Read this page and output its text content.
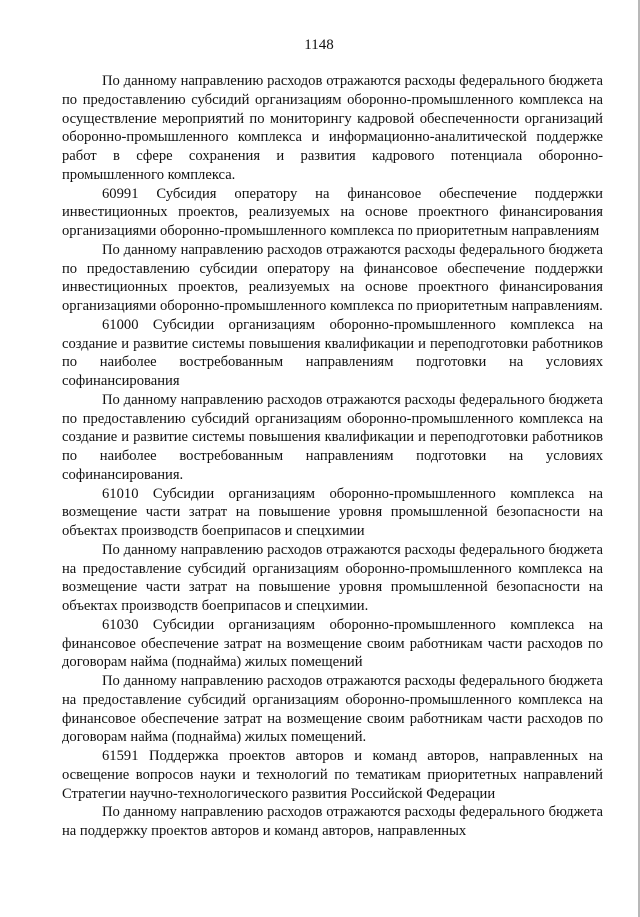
1148

По данному направлению расходов отражаются расходы федерального бюджета по предоставлению субсидий организациям оборонно-промышленного комплекса на осуществление мероприятий по мониторингу кадровой обеспеченности организаций оборонно-промышленного комплекса и информационно-аналитической поддержке работ в сфере сохранения и развития кадрового потенциала оборонно-промышленного комплекса.

60991 Субсидия оператору на финансовое обеспечение поддержки инвестиционных проектов, реализуемых на основе проектного финансирования организациями оборонно-промышленного комплекса по приоритетным направлениям

По данному направлению расходов отражаются расходы федерального бюджета по предоставлению субсидии оператору на финансовое обеспечение поддержки инвестиционных проектов, реализуемых на основе проектного финансирования организациями оборонно-промышленного комплекса по приоритетным направлениям.

61000 Субсидии организациям оборонно-промышленного комплекса на создание и развитие системы повышения квалификации и переподготовки работников по наиболее востребованным направлениям подготовки на условиях софинансирования

По данному направлению расходов отражаются расходы федерального бюджета по предоставлению субсидий организациям оборонно-промышленного комплекса на создание и развитие системы повышения квалификации и переподготовки работников по наиболее востребованным направлениям подготовки на условиях софинансирования.

61010 Субсидии организациям оборонно-промышленного комплекса на возмещение части затрат на повышение уровня промышленной безопасности на объектах производств боеприпасов и спецхимии

По данному направлению расходов отражаются расходы федерального бюджета на предоставление субсидий организациям оборонно-промышленного комплекса на возмещение части затрат на повышение уровня промышленной безопасности на объектах производств боеприпасов и спецхимии.

61030 Субсидии организациям оборонно-промышленного комплекса на финансовое обеспечение затрат на возмещение своим работникам части расходов по договорам найма (поднайма) жилых помещений

По данному направлению расходов отражаются расходы федерального бюджета на предоставление субсидий организациям оборонно-промышленного комплекса на финансовое обеспечение затрат на возмещение своим работникам части расходов по договорам найма (поднайма) жилых помещений.

61591 Поддержка проектов авторов и команд авторов, направленных на освещение вопросов науки и технологий по тематикам приоритетных направлений Стратегии научно-технологического развития Российской Федерации

По данному направлению расходов отражаются расходы федерального бюджета на поддержку проектов авторов и команд авторов, направленных
